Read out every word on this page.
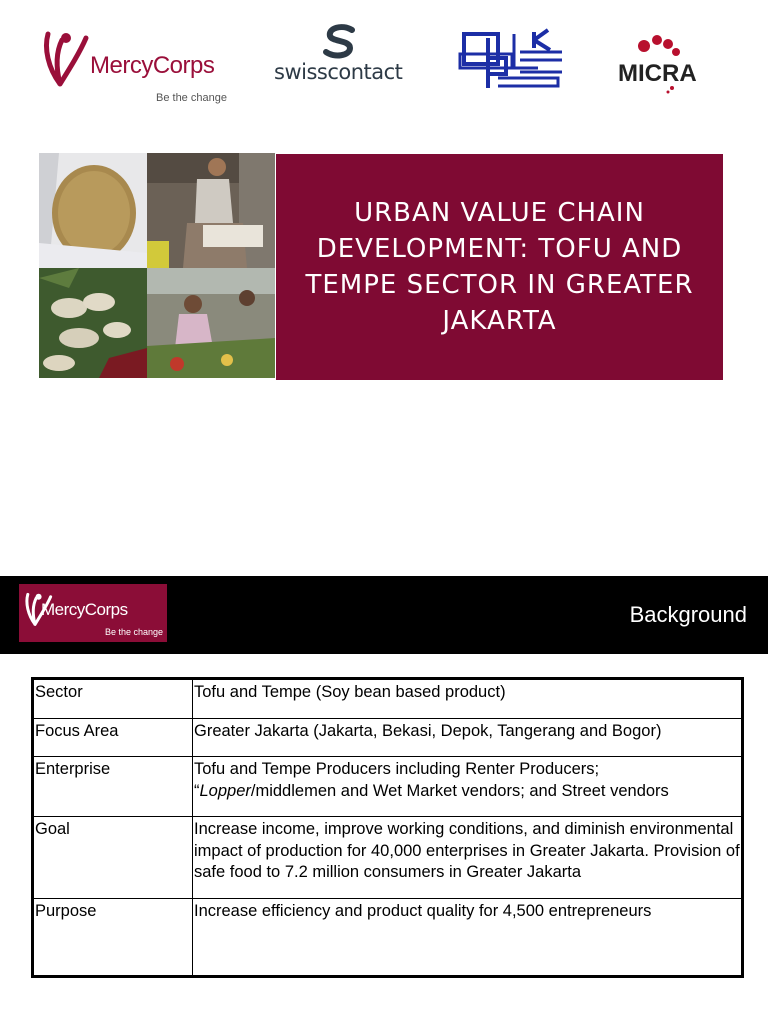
MercyCorps
Be the change
swisscontact	MICRA
URBAN VALUE CHAIN DEVELOPMENT: TOFU AND TEMPE SECTOR IN GREATER JAKARTA
MercyCorps
Be the change
Background
Sector	Tofu and Tempe (Soy bean based product)
Focus Area	Greater Jakarta (Jakarta, Bekasi, Depok, Tangerang and Bogor)
Enterprise	Tofu and Tempe Producers including Renter Producers; “Lopper/middlemen and Wet Market vendors; and Street vendors
Goal	Increase income, improve working conditions, and diminish environmental impact of production for 40,000 enterprises in Greater Jakarta. Provision of safe food to 7.2 million consumers in Greater Jakarta
Purpose	Increase efficiency and product quality for 4,500 entrepreneurs
